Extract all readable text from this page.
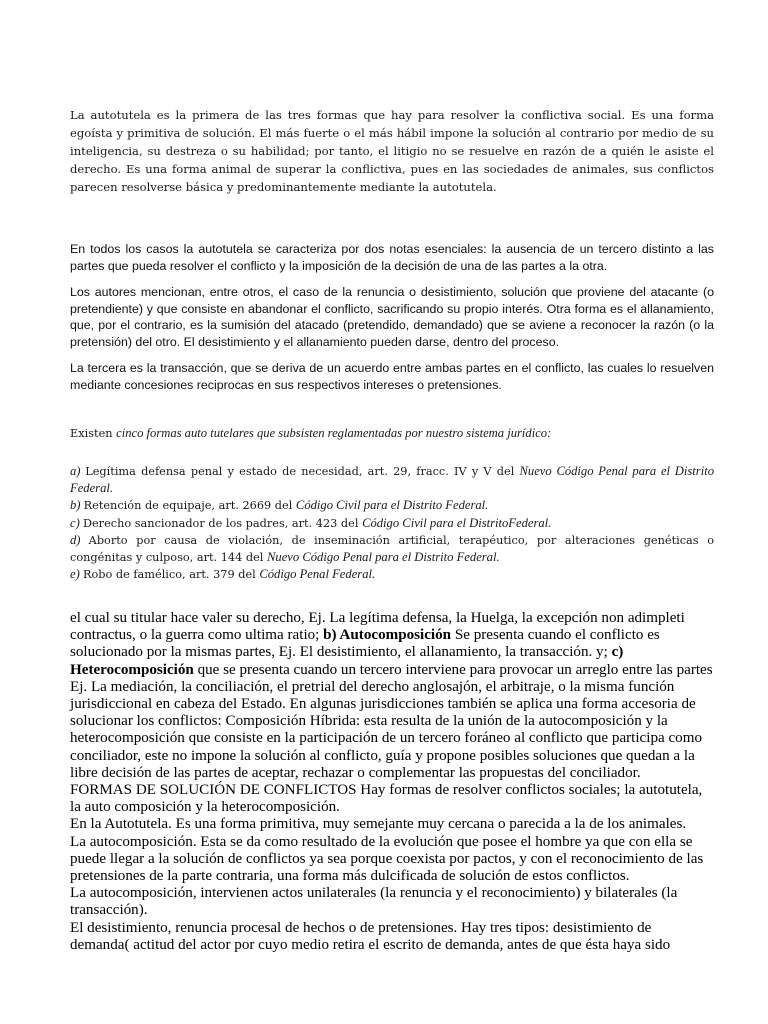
La autotutela es la primera de las tres formas que hay para resolver la conflictiva social. Es una forma egoísta y primitiva de solución. El más fuerte o el más hábil impone la solución al contrario por medio de su inteligencia, su destreza o su habilidad; por tanto, el litigio no se resuelve en razón de a quién le asiste el derecho. Es una forma animal de superar la conflictiva, pues en las sociedades de animales, sus conflictos parecen resolverse básica y predominantemente mediante la autotutela.

En todos los casos la autotutela se caracteriza por dos notas esenciales: la ausencia de un tercero distinto a las partes que pueda resolver el conflicto y la imposición de la decisión de una de las partes a la otra.

Los autores mencionan, entre otros, el caso de la renuncia o desistimiento, solución que proviene del atacante (o pretendiente) y que consiste en abandonar el conflicto, sacrificando su propio interés. Otra forma es el allanamiento, que, por el contrario, es la sumisión del atacado (pretendido, demandado) que se aviene a reconocer la razón (o la pretensión) del otro. El desistimiento y el allanamiento pueden darse, dentro del proceso.

La tercera es la transacción, que se deriva de un acuerdo entre ambas partes en el conflicto, las cuales lo resuelven mediante concesiones reciprocas en sus respectivos intereses o pretensiones.

Existen cinco formas auto tutelares que subsisten reglamentadas por nuestro sistema jurídico:

a) Legítima defensa penal y estado de necesidad, art. 29, fracc. IV y V del Nuevo Código Penal para el Distrito Federal.

b) Retención de equipaje, art. 2669 del Código Civil para el Distrito Federal.

c) Derecho sancionador de los padres, art. 423 del Código Civil para el DistritoFederal.

d) Aborto por causa de violación, de inseminación artificial, terapéutico, por alteraciones genéticas o congénitas y culposo, art. 144 del Nuevo Código Penal para el Distrito Federal.

e) Robo de famélico, art. 379 del Código Penal Federal.

el cual su titular hace valer su derecho, Ej. La legítima defensa, la Huelga, la excepción non adimpleti contractus, o la guerra como ultima ratio; b) Autocomposición Se presenta cuando el conflicto es solucionado por la mismas partes, Ej. El desistimiento, el allanamiento, la transacción. y; c) Heterocomposición que se presenta cuando un tercero interviene para provocar un arreglo entre las partes Ej. La mediación, la conciliación, el pretrial del derecho anglosajón, el arbitraje, o la misma función jurisdiccional en cabeza del Estado. En algunas jurisdicciones también se aplica una forma accesoria de solucionar los conflictos: Composición Híbrida: esta resulta de la unión de la autocomposición y la heterocomposición que consiste en la participación de un tercero foráneo al conflicto que participa como conciliador, este no impone la solución al conflicto, guía y propone posibles soluciones que quedan a la libre decisión de las partes de aceptar, rechazar o complementar las propuestas del conciliador.

FORMAS DE SOLUCIÓN DE CONFLICTOS Hay formas de resolver conflictos sociales; la autotutela, la auto composición y la heterocomposición.

En la Autotutela. Es una forma primitiva, muy semejante muy cercana o parecida a la de los animales.

La autocomposición. Esta se da como resultado de la evolución que posee el hombre ya que con ella se puede llegar a la solución de conflictos ya sea porque coexista por pactos, y con el reconocimiento de las pretensiones de la parte contraria, una forma más dulcificada de solución de estos conflictos.

La autocomposición, intervienen actos unilaterales (la renuncia y el reconocimiento) y bilaterales (la transacción).

El desistimiento, renuncia procesal de hechos o de pretensiones. Hay tres tipos: desistimiento de demanda( actitud del actor por cuyo medio retira el escrito de demanda, antes de que ésta haya sido
